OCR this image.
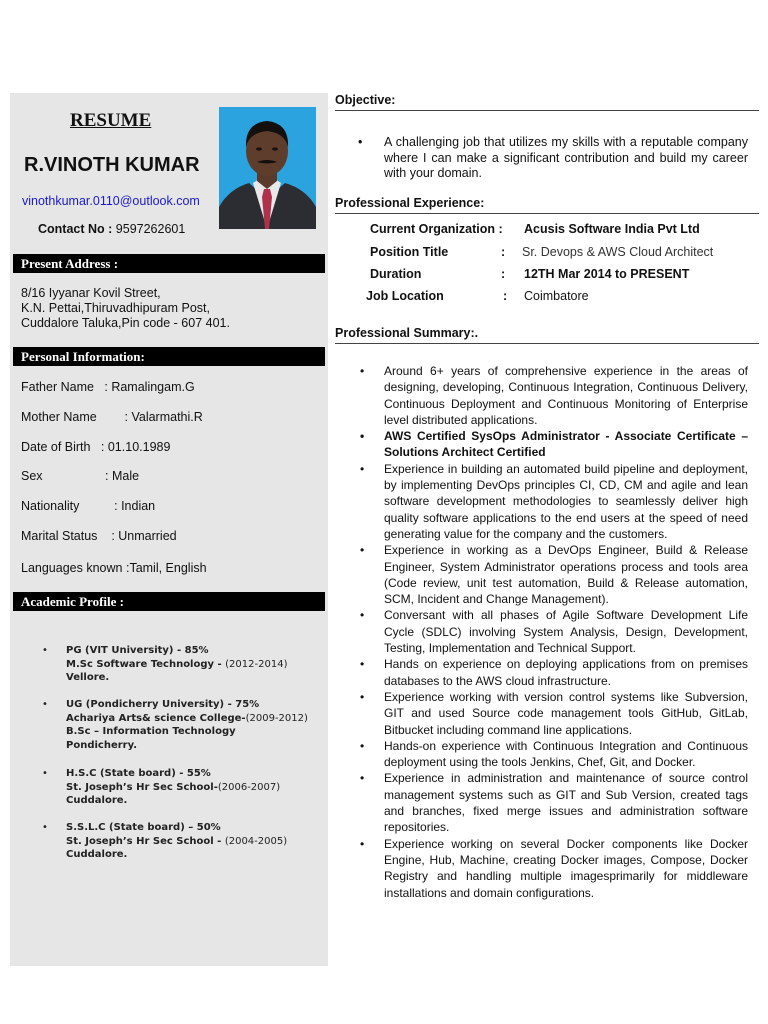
RESUME
R.VINOTH KUMAR
vinothkumar.0110@outlook.com
Contact No : 9597262601
Present Address :
8/16 Iyyanar Kovil Street,
K.N. Pettai,Thiruvadhipuram Post,
Cuddalore Taluka,Pin code - 607 401.
Personal Information:
Father Name   : Ramalingam.G
Mother Name        : Valarmathi.R
Date of Birth   : 01.10.1989
Sex                  : Male
Nationality          : Indian
Marital Status    : Unmarried
Languages known :Tamil, English
Academic Profile :
• PG (VIT University) - 85%
M.Sc Software Technology - (2012-2014)
Vellore.
• UG (Pondicherry University) - 75%
Achariya Arts& science College-(2009-2012)
B.Sc – Information Technology
Pondicherry.
• H.S.C (State board) - 55%
St. Joseph’s Hr Sec School-(2006-2007)
Cuddalore.
• S.S.L.C (State board) – 50%
St. Joseph’s Hr Sec School - (2004-2005)
Cuddalore.
Objective:
• A challenging job that utilizes my skills with a reputable company where I can make a significant contribution and build my career with your domain.
Professional Experience:
Current Organization : Acusis Software India Pvt Ltd
Position Title	: Sr. Devops & AWS Cloud Architect
Duration	: 12TH Mar 2014 to PRESENT
Job Location	: Coimbatore
Professional Summary:.
• Around 6+ years of comprehensive experience in the areas of designing, developing, Continuous Integration, Continuous Delivery, Continuous Deployment and Continuous Monitoring of Enterprise level distributed applications.
• AWS Certified SysOps Administrator - Associate Certificate – Solutions Architect Certified
• Experience in building an automated build pipeline and deployment, by implementing DevOps principles CI, CD, CM and agile and lean software development methodologies to seamlessly deliver high quality software applications to the end users at the speed of need generating value for the company and the customers.
• Experience in working as a DevOps Engineer, Build & Release Engineer, System Administrator operations process and tools area (Code review, unit test automation, Build & Release automation, SCM, Incident and Change Management).
• Conversant with all phases of Agile Software Development Life Cycle (SDLC) involving System Analysis, Design, Development, Testing, Implementation and Technical Support.
• Hands on experience on deploying applications from on premises databases to the AWS cloud infrastructure.
• Experience working with version control systems like Subversion, GIT and used Source code management tools GitHub, GitLab, Bitbucket including command line applications.
• Hands-on experience with Continuous Integration and Continuous deployment using the tools Jenkins, Chef, Git, and Docker.
• Experience in administration and maintenance of source control management systems such as GIT and Sub Version, created tags and branches, fixed merge issues and administration software repositories.
• Experience working on several Docker components like Docker Engine, Hub, Machine, creating Docker images, Compose, Docker Registry and handling multiple imagesprimarily for middleware installations and domain configurations.
